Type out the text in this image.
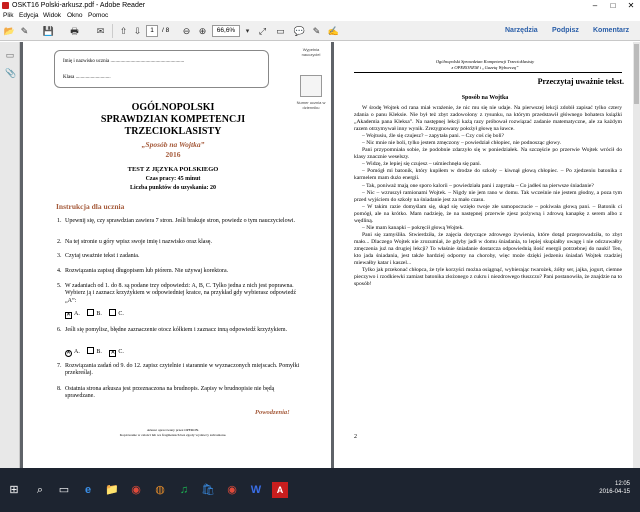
OSKT16 Polski-arkusz.pdf - Adobe Reader	–	□	✕
Plik Edycja Widok Okno Pomoc
📂 ✎	💾 🖶	✉	⇧ ⇩	1	/ 8	⊖ ⊕	66,6%	▾	⤢	▭ 💬 ✎ ✍	Narzędzia Podpisz Komentarz
▭
📎
Imię i nazwisko ucznia ...........................................................
Klasa ............................
Wypełnia nauczyciel
Numer ucznia w dzienniku
OGÓLNOPOLSKI
SPRAWDZIAN KOMPETENCJI
TRZECIOKLASISTY
„Sposób na Wojtka”
2016
TEST Z JĘZYKA POLSKIEGO
Czas pracy: 45 minut
Liczba punktów do uzyskania: 20
Instrukcja dla ucznia
1. Upewnij się, czy sprawdzian zawiera 7 stron. Jeśli brakuje stron, powiedz o tym nauczycielowi.
2. Na tej stronie u góry wpisz swoje imię i nazwisko oraz klasę.
3. Czytaj uważnie tekst i zadania.
4. Rozwiązania zapisuj długopisem lub piórem. Nie używaj korektora.
5. W zadaniach od 1. do 8. są podane trzy odpowiedzi: A, B, C. Tylko jedna z nich jest poprawna. Wybierz ją i zaznacz krzyżykiem w odpowiedniej kratce, na przykład gdy wybierasz odpowiedź „A”:
✕ A.	B.	C.
6. Jeśli się pomylisz, błędne zaznaczenie otocz kółkiem i zaznacz inną odpowiedź krzyżykiem.
✕ A.	B. ✕ C.
7. Rozwiązania zadań od 9. do 12. zapisz czytelnie i starannie w wyznaczonych miejscach. Pomyłki przekreślaj.
8. Ostatnia strona arkusza jest przeznaczona na brudnopis. Zapisy w brudnopisie nie będą sprawdzane.
Powodzenia!
Arkusz opracowany przez OPERON.
Kopiowanie w całości lub we fragmentach bez zgody wydawcy zabronione.
Ogólnopolski Sprawdzian Kompetencji Trzecioklasisty
z OPERONEM i „Gazetą Wyborczą”
Przeczytaj uważnie tekst.
Sposób na Wojtka

W środę Wojtek od rana miał wrażenie, że nic mu się nie udaje. Na pierwszej lekcji zdobił zapisać tylko cztery zdania o panu Kleksie. Nie był też zbyt zadowolony z rysunku, na którym przedstawił głównego bohatera książki „Akademia pana Kleksa”. Na następnej lekcji każą razy próbował rozwiązać zadanie matematyczne, ale za każdym razem otrzymywał inny wynik. Zrezygnowany położył głowę na ławce.

– Wojtusiu, źle się czujesz? – zapytała pani. – Czy coś cię boli?

– Nic mnie nie boli, tylko jestem zmęczony – powiedział chłopiec, nie podnosząc głowy.

Pani przypomniała sobie, że podobnie zdarzyło się w poniedziałek. Na szczęście po przerwie Wojtek wrócił do klasy znacznie weselszy.

– Widzę, że lepiej się czujesz – uśmiechnęła się pani.

– Pomógł mi batonik, który kupiłem w drodze do szkoły – kiwnął głową chłopiec. – Po zjedzeniu batonika z karmelem mam dużo energii.

– Tak, poniważ mają one sporo kalorii – powiedziała pani i zapytała – Co jadłeś na pierwsze śniadanie?

– Nic – wzruszył ramionami Wojtek. – Nigdy nie jem rano w domu. Tak wcześnie nie jestem głodny, a poza tym przed wyjściem do szkoły na śniadanie jest za mało czasu.

– W takim razie domyślam się, skąd się wzięło twoje złe samopoczucie – pokiwała głową pani. – Batonik ci pomógł, ale na krótko. Mam nadzieję, że na następnej przerwie zjesz pożywną i zdrową kanapkę z serem albo z wędliną.

– Nie mam kanapki – pokręcił głową Wojtek.

Pani się zamyśliła. Stwierdziła, że zajęcia dotyczące zdrowego żywienia, które dotąd przeprowadziła, to zbyt mało... Dlaczego Wojtek nie zrozumiał, że gdyby jadł w domu śniadania, to lepiej skupiałby uwagę i nie odczuwałby zmęczenia już na drugiej lekcji? To właśnie śniadanie dostarcza odpowiednią ilość energii potrzebnej do nauki! Ten, kto jada śniadania, jest także bardziej odporny na choroby, więc może dzięki jedzeniu śniadań Wojtek rzadziej miewałby katar i kaszel...

Tylko jak przekonać chłopca, że tyle korzyści można osiągnąć, wybierając twarożek, żółty ser, jajka, jogurt, ciemne pieczywo i rzodkiewki zamiast batonika złożonego z cukru i niezdrowego tłuszczu? Pani postanowiła, że znajdzie na to sposób!

2
⊞	⌕	▭	e	📁 ◉ ◍	♫	🛍 ◉ W	A
12:05
2016-04-15
